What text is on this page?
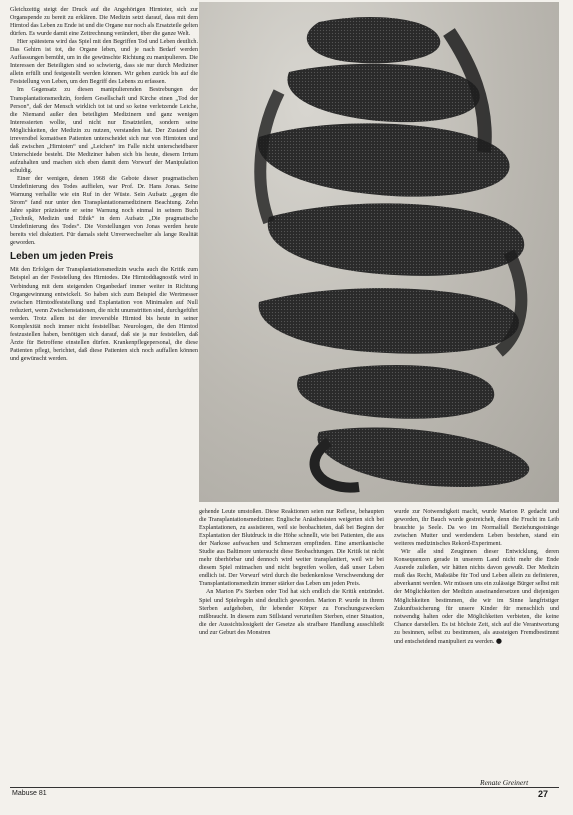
Gleichzeitig steigt der Druck auf die Angehörigen Hirntoter, sich zur Organspende zu bereit zu erklären. Die Medizin setzt darauf, dass mit dem Hirntod das Leben zu Ende ist und die Organe nur noch als Ersatzteile gelten dürfen. Es wurde damit eine Zeitrechnung verändert, über die ganze Welt.

Hier spätestens wird das Spiel mit den Begriffen Tod und Leben deutlich. Das Gehirn ist tot, die Organe leben, und je nach Bedarf werden Auffassungen bemüht, um in die gewünschte Richtung zu manipulieren. Die Interessen der Beteiligten sind so schwierig, dass sie nur durch Mediziner allein erfüllt und festgestellt werden können. Wir gehen zurück bis auf die Feststellung von Leben, um den Begriff des Lebens zu erfassen.

Im Gegensatz zu diesen manipulierenden Bestrebungen der Transplantationsmedizin, fordern Gesellschaft und Kirche einen „Tod der Person“, daß der Mensch wirklich tot ist und so keine verletzende Leiche, die Niemand außer den beteiligten Medizinern und ganz wenigen Interessierten wollte, und nicht nur Ersatzteilen, sondern seine Möglichkeiten, der Medizin zu nutzen, verstanden hat. Der Zustand der irreversibel komatösen Patienten unterscheidet sich nur von Hirntoten und daß zwischen „Hirntoten“ und „Leichen“ im Falle nicht unterscheidbarer Unterschiede besteht. Die Mediziner haben sich bis heute, diesem Irrtum aufzuhalten und machen sich eben damit dem Vorwurf der Manipulation schuldig.

Einer der wenigen, denen 1968 die Gebote dieser pragmatischen Umdefinierung des Todes auffielen, war Prof. Dr. Hans Jonas. Seine Warnung verhallte wie ein Ruf in der Wüste. Sein Aufsatz „gegen die Strom“ fand nur unter den Transplantationsmedizinern Beachtung. Zehn Jahre später präzisierte er seine Warnung noch einmal in seinem Buch „Technik, Medizin und Ethik“ in dem Aufsatz „Die pragmatische Umdefinierung des Todes“. Die Vorstellungen von Jonas werden heute bereits viel diskutiert. Für damals steht Unverwechselter als lange Realität geworden.

Leben um jeden Preis

Mit den Erfolgen der Transplantationsmedizin wuchs auch die Kritik zum Beispiel an der Feststellung des Hirntodes. Die Hirntoddiagnostik wird in Verbindung mit dem steigenden Organbedarf immer weiter in Richtung Organgewinnung entwickelt. So haben sich zum Beispiel die Wertmesser zwischen Hirntodfeststellung und Explantation von Minimalen auf Null reduziert, wenn Zwischenstationen, die nicht unumstritten sind, durchgeführt werden. Trotz allem ist der irreversible Hirntod bis heute in seiner Komplexität noch immer nicht feststellbar. Neurologen, die den Hirntod festzustellen haben, benötigen sich darauf, daß sie ja nur feststellen, daß Ärzte für Betroffene einstellen dürfen. Krankenpflegepersonal, die diese Patienten pflegt, berichtet, daß diese Patienten sich noch auffallen können und gewünscht werden.

gehende Leute umstoßen. Diese Reaktionen seien nur Reflexe, behaupten die Transplantationsmediziner. Englische Anästhesisten weigerten sich bei Explantationen, zu assistieren, weil sie beobachteten, daß bei Beginn der Explantation der Blutdruck in die Höhe schnellt, wie bei Patienten, die aus der Narkose aufwachen und Schmerzen empfinden. Eine amerikanische Studie aus Baltimore untersucht diese Beobachtungen. Die Kritik ist nicht mehr überhörbar und dennoch wird weiter transplantiert, weil wir bei diesem Spiel mitmachen und nicht begreifen wollen, daß unser Leben endlich ist. Der Vorwurf wird durch die bedenkenlose Verschwendung der Transplantationsmedizin immer stärker das Leben um jeden Preis.

An Marion P's Sterben oder Tod hat sich endlich die Kritik entzündet. Spiel und Spielregeln sind deutlich geworden. Marion P. wurde in ihrem Sterben aufgehoben, ihr lebender Körper zu Forschungszwecken mißbraucht. In diesem zum Stillstand verurteilten Sterben, einer Situation, die der Aussichtslosigkeit der Gesetze als strafbare Handlung ausschließt und zur Geburt des Monstren

wurde zur Notwendigkeit macht, wurde Marion P. gedacht und geworden, ihr Bauch wurde gestreichelt, denn die Frucht im Leib brauchte ja Seele. Da wo im Normalfall Beziehungsstränge zwischen Mutter und werdendem Leben bestehen, stand ein weiteres medizinisches Rekord-Experiment.

Wir alle sind Zeuginnen dieser Entwicklung, deren Konsequenzen gerade in unserem Land nicht mehr die Ende Ausrede zuließen, wir hätten nichts davon gewußt. Der Medizin muß das Recht, Maßstäbe für Tod und Leben allein zu definieren, abverkannt werden. Wir müssen uns ein zulässige Bürger selbst mit der Möglichkeiten der Medizin auseinandersetzen und diejenigen Möglichkeiten bestimmen, die wir im Sinne langfristiger Zukunftssicherung für unsere Kinder für menschlich und notwendig halten oder die Möglichkeiten verbieten, die keine Chance darstellen. Es ist höchste Zeit, sich auf die Verantwortung zu besinnen, selbst zu bestimmen, als aussteigen Fremdbestimmt und entscheidend manipuliert zu werden. ●

Renate Greinert
Mabuse 81	27
